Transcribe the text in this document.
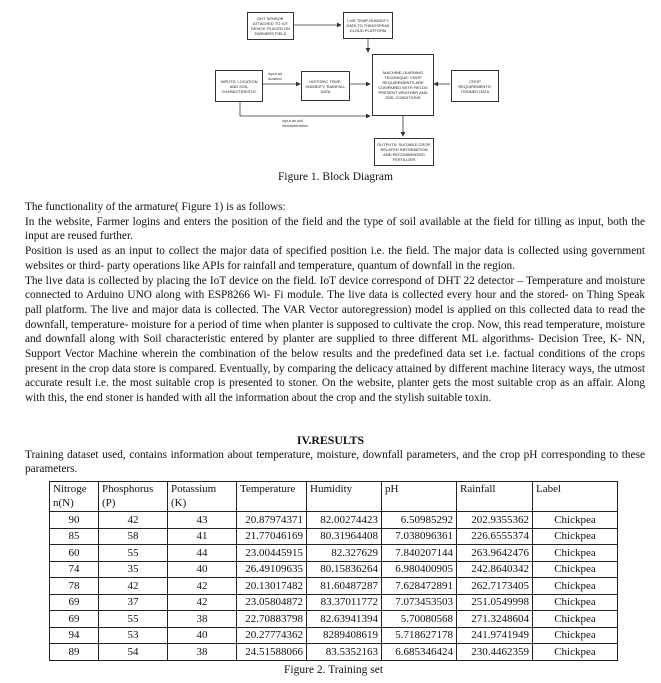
DHT SENSOR ATTACHED TO IOT DEVICE PLACED ON FARMERS FIELD
LIVE TEMP-HUMIDITY DATA TO THINGSPEAK CLOUD PLATFORM
INPUTS: LOCATION AND SOIL CHARACTERISTIC
HISTORIC TEMP-HUMIDITY, RAINFALL DATA
MACHINE LEARNING TECHNIQUE: CROP REQUIREMENTS ARE COMPARED WITH FIELDS PRESENT WEATHER AND SOIL CONDITIONS
CROP REQUIREMENTS: TRAINED DATA
OUTPUTS: SUITABLE CROP, RELATED INFORMATION AND RECOMMENDED FERTILIZER
input as location
input as soil characteristics
Figure 1. Block Diagram

The functionality of the armature( Figure 1) is as follows:

In the website, Farmer logins and enters the position of the field and the type of soil available at the field for tilling as input, both the input are reused further.

Position is used as an input to collect the major data of specified position i.e. the field. The major data is collected using government websites or third- party operations like APIs for rainfall and temperature, quantum of downfall in the region.

The live data is collected by placing the IoT device on the field. IoT device correspond of DHT 22 detector – Temperature and moisture connected to Arduino UNO along with ESP8266 Wi- Fi module. The live data is collected every hour and the stored- on Thing Speak pall platform. The live and major data is collected. The VAR Vector autoregression) model is applied on this collected data to read the downfall, temperature- moisture for a period of time when planter is supposed to cultivate the crop. Now, this read temperature, moisture and downfall along with Soil characteristic entered by planter are supplied to three different ML algorithms- Decision Tree, K- NN, Support Vector Machine wherein the combination of the below results and the predefined data set i.e. factual conditions of the crops present in the crop data store is compared. Eventually, by comparing the delicacy attained by different machine literacy ways, the utmost accurate result i.e. the most suitable crop is presented to stoner. On the website, planter gets the most suitable crop as an affair. Along with this, the end stoner is handed with all the information about the crop and the stylish suitable toxin.

IV.RESULTS
Training dataset used, contains information about temperature, moisture, downfall parameters, and the crop pH corresponding to these parameters.
Nitroge n(N)	Phosphorus (P)	Potassium (K)	Temperature	Humidity	pH	Rainfall	Label
90	42	43	20.87974371	82.00274423	6.50985292	202.9355362	Chickpea
85	58	41	21.77046169	80.31964408	7.038096361	226.6555374	Chickpea
60	55	44	23.00445915	82.327629	7.840207144	263.9642476	Chickpea
74	35	40	26.49109635	80.15836264	6.980400905	242.8640342	Chickpea
78	42	42	20.13017482	81.60487287	7.628472891	262.7173405	Chickpea
69	37	42	23.05804872	83.37011772	7.073453503	251.0549998	Chickpea
69	55	38	22.70883798	82.63941394	5.70080568	271.3248604	Chickpea
94	53	40	20.27774362	8289408619	5.718627178	241.9741949	Chickpea
89	54	38	24.51588066	83.5352163	6.685346424	230.4462359	Chickpea
Figure 2. Training set
